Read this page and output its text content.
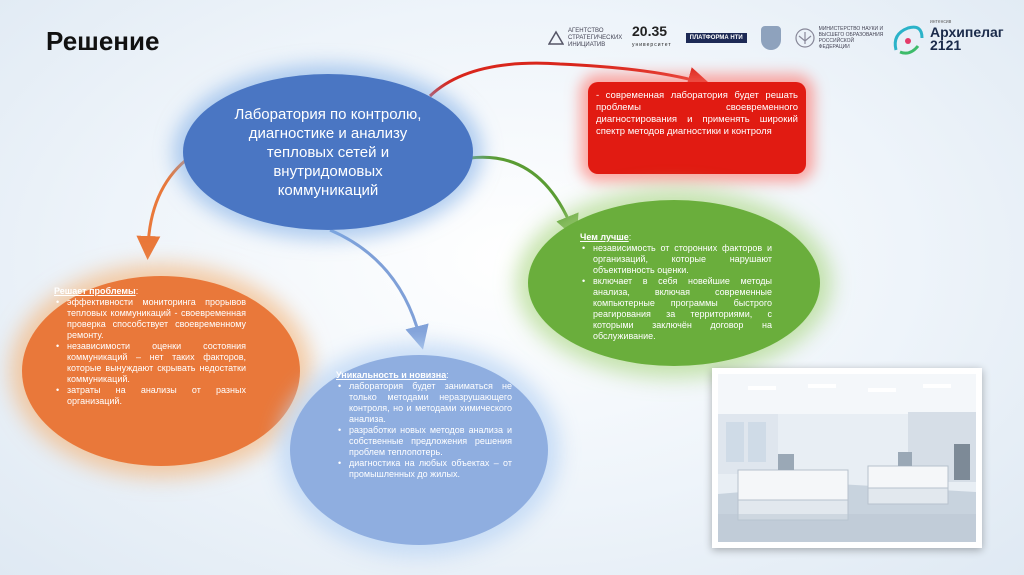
Решение	АГЕНТСТВО СТРАТЕГИЧЕСКИХ ИНИЦИАТИВ
20.35
университет
ПЛАТФОРМА НТИ
МИНИСТЕРСТВО НАУКИ И ВЫСШЕГО ОБРАЗОВАНИЯ РОССИЙСКОЙ ФЕДЕРАЦИИ
интенсив
Архипелаг
2121
Лаборатория по контролю, диагностике и анализу тепловых сетей и внутридомовых коммуникаций

- современная лаборатория будет решать проблемы своевременного диагностирования и применять широкий спектр методов диагностики и контроля

Решает проблемы:
• эффективности мониторинга прорывов тепловых коммуникаций - своевременная проверка способствует своевременному ремонту.
• независимости оценки состояния коммуникаций – нет таких факторов, которые вынуждают скрывать недостатки коммуникаций.
• затраты на анализы от разных организаций.
Чем лучше:
• независимость от сторонних факторов и организаций, которые нарушают объективность оценки.
• включает в себя новейшие методы анализа, включая современные компьютерные программы быстрого реагирования за территориями, с которыми заключён договор на обслуживание.
Уникальность и новизна:
• лаборатория будет заниматься не только методами неразрушающего контроля, но и методами химического анализа.
• разработки новых методов анализа и собственные предложения решения проблем теплопотерь.
• диагностика на любых объектах – от промышленных до жилых.
